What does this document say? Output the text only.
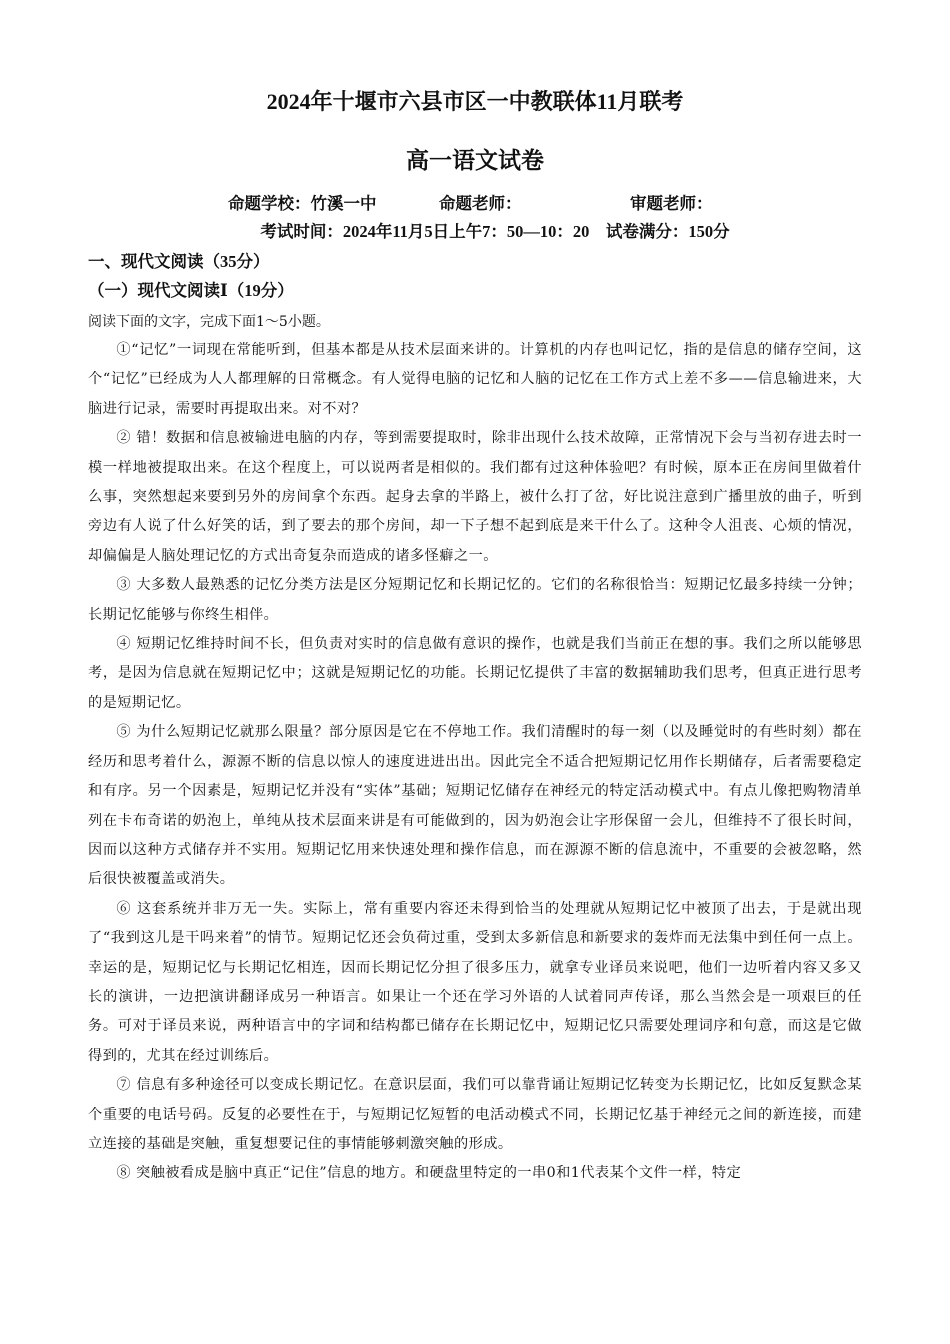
2024年十堰市六县市区一中教联体11月联考
高一语文试卷
命题学校：竹溪一中	命题老师：	审题老师：
考试时间：2024年11月5日上午7：50—10：20　试卷满分：150分
一、现代文阅读（35分）
（一）现代文阅读Ⅰ（19分）
阅读下面的文字，完成下面1～5小题。

①“记忆”一词现在常能听到，但基本都是从技术层面来讲的。计算机的内存也叫记忆，指的是信息的储存空间，这个“记忆”已经成为人人都理解的日常概念。有人觉得电脑的记忆和人脑的记忆在工作方式上差不多——信息输进来，大脑进行记录，需要时再提取出来。对不对？

② 错！数据和信息被输进电脑的内存，等到需要提取时，除非出现什么技术故障，正常情况下会与当初存进去时一模一样地被提取出来。在这个程度上，可以说两者是相似的。我们都有过这种体验吧？有时候，原本正在房间里做着什么事，突然想起来要到另外的房间拿个东西。起身去拿的半路上，被什么打了岔，好比说注意到广播里放的曲子，听到旁边有人说了什么好笑的话，到了要去的那个房间，却一下子想不起到底是来干什么了。这种令人沮丧、心烦的情况，却偏偏是人脑处理记忆的方式出奇复杂而造成的诸多怪癖之一。

③ 大多数人最熟悉的记忆分类方法是区分短期记忆和长期记忆的。它们的名称很恰当：短期记忆最多持续一分钟；长期记忆能够与你终生相伴。

④ 短期记忆维持时间不长，但负责对实时的信息做有意识的操作，也就是我们当前正在想的事。我们之所以能够思考，是因为信息就在短期记忆中；这就是短期记忆的功能。长期记忆提供了丰富的数据辅助我们思考，但真正进行思考的是短期记忆。

⑤ 为什么短期记忆就那么限量？部分原因是它在不停地工作。我们清醒时的每一刻（以及睡觉时的有些时刻）都在经历和思考着什么，源源不断的信息以惊人的速度进进出出。因此完全不适合把短期记忆用作长期储存，后者需要稳定和有序。另一个因素是，短期记忆并没有“实体”基础；短期记忆储存在神经元的特定活动模式中。有点儿像把购物清单列在卡布奇诺的奶泡上，单纯从技术层面来讲是有可能做到的，因为奶泡会让字形保留一会儿，但维持不了很长时间，因而以这种方式储存并不实用。短期记忆用来快速处理和操作信息，而在源源不断的信息流中，不重要的会被忽略，然后很快被覆盖或消失。

⑥ 这套系统并非万无一失。实际上，常有重要内容还未得到恰当的处理就从短期记忆中被顶了出去，于是就出现了“我到这儿是干吗来着”的情节。短期记忆还会负荷过重，受到太多新信息和新要求的轰炸而无法集中到任何一点上。幸运的是，短期记忆与长期记忆相连，因而长期记忆分担了很多压力，就拿专业译员来说吧，他们一边听着内容又多又长的演讲，一边把演讲翻译成另一种语言。如果让一个还在学习外语的人试着同声传译，那么当然会是一项艰巨的任务。可对于译员来说，两种语言中的字词和结构都已储存在长期记忆中，短期记忆只需要处理词序和句意，而这是它做得到的，尤其在经过训练后。

⑦ 信息有多种途径可以变成长期记忆。在意识层面，我们可以靠背诵让短期记忆转变为长期记忆，比如反复默念某个重要的电话号码。反复的必要性在于，与短期记忆短暂的电活动模式不同，长期记忆基于神经元之间的新连接，而建立连接的基础是突触，重复想要记住的事情能够刺激突触的形成。

⑧ 突触被看成是脑中真正“记住”信息的地方。和硬盘里特定的一串0和1代表某个文件一样，特定
